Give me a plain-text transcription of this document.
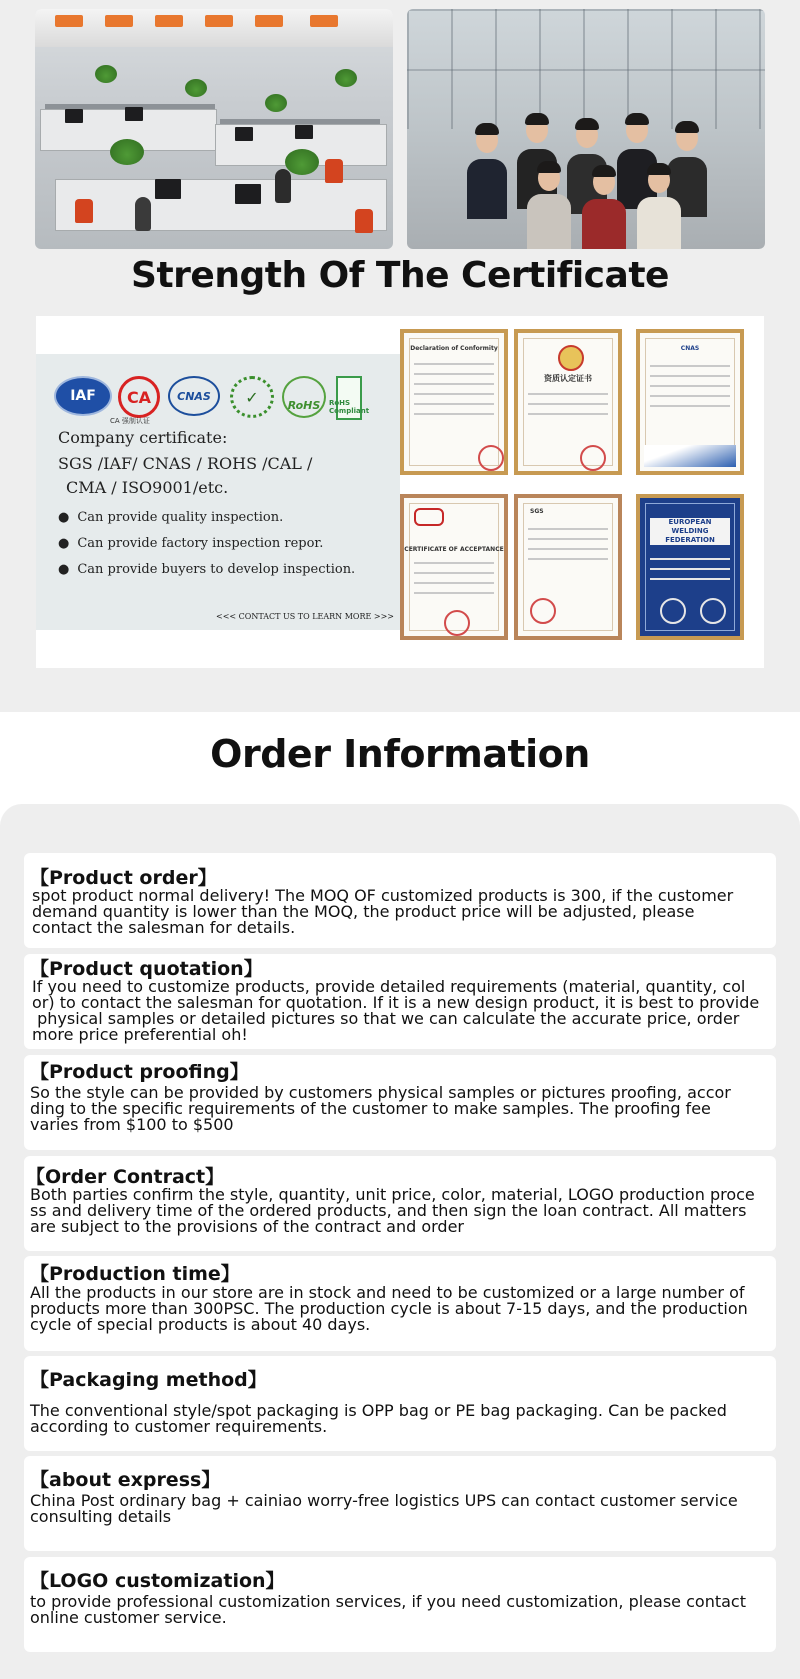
Strength Of The Certificate
IAF	CA
CA 强制认证
CNAS	✓	RoHS	RoHS Compliant
Company certificate:
SGS /IAF/ CNAS / ROHS /CAL /
CMA / ISO9001/etc.
● Can provide quality inspection.
● Can provide factory inspection repor.
● Can provide buyers to develop inspection.
<<< CONTACT US TO LEARN MORE >>>
Declaration of Conformity
资质认定证书
CNAS
CERTIFICATE OF ACCEPTANCE
SGS
EUROPEAN WELDING FEDERATION
Order Information
【Product order】
spot product normal delivery! The MOQ OF customized products is 300, if the customer
demand quantity is lower than the MOQ, the product price will be adjusted, please
contact the salesman for details.
【Product quotation】
If you need to customize products, provide detailed requirements (material, quantity, col
or) to contact the salesman for quotation. If it is a new design product, it is best to provide
physical samples or detailed pictures so that we can calculate the accurate price, order
more price preferential oh!
【Product proofing】
So the style can be provided by customers physical samples or pictures proofing, accor
ding to the specific requirements of the customer to make samples. The proofing fee
varies from $100 to $500
【Order Contract】
Both parties confirm the style, quantity, unit price, color, material, LOGO production proce
ss and delivery time of the ordered products, and then sign the loan contract. All matters
are subject to the provisions of the contract and order
【Production time】
All the products in our store are in stock and need to be customized or a large number of
products more than 300PSC. The production cycle is about 7-15 days, and the production
cycle of special products is about 40 days.
【Packaging method】
The conventional style/spot packaging is OPP bag or PE bag packaging. Can be packed
according to customer requirements.
【about express】
China Post ordinary bag + cainiao worry-free logistics UPS can contact customer service
consulting details
【LOGO customization】
to provide professional customization services, if you need customization, please contact
online customer service.
